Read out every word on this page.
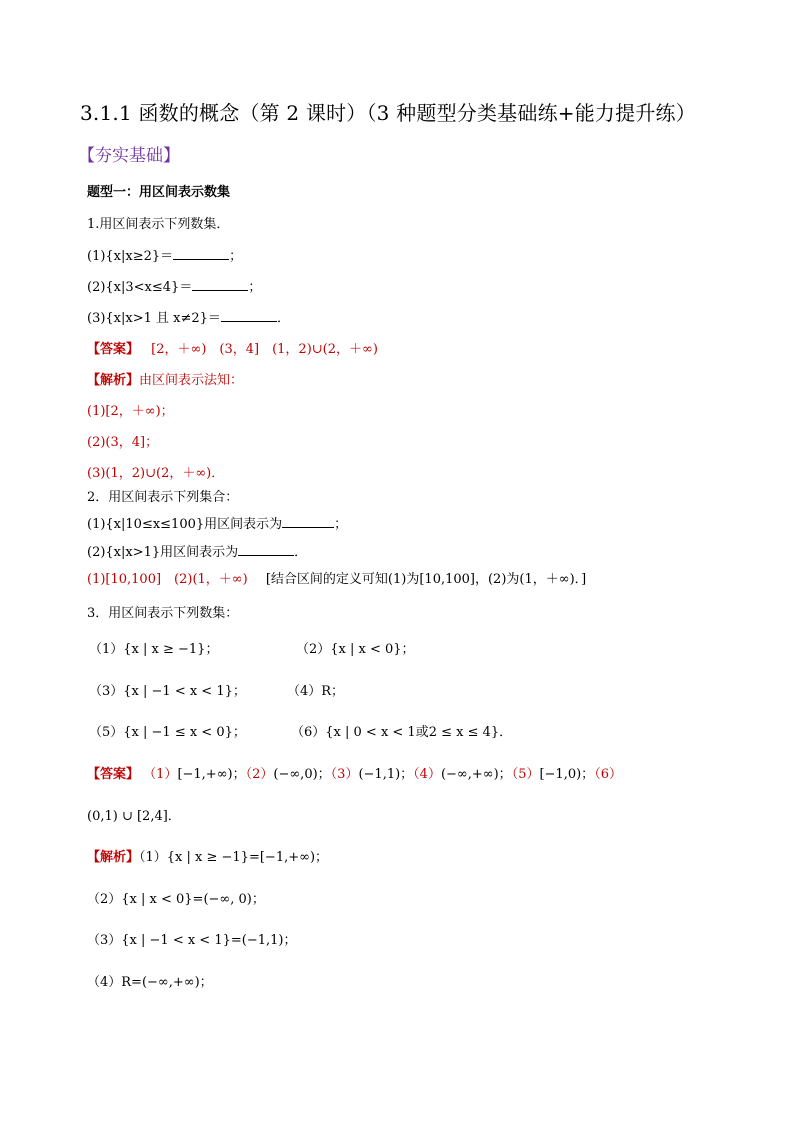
3.1.1 函数的概念（第 2 课时）（3 种题型分类基础练+能力提升练）
【夯实基础】
题型一：用区间表示数集
1.用区间表示下列数集．
(1){x|x≥2}＝	；
(2){x|3<x≤4}＝	；
(3){x|x>1 且 x≠2}＝	．
【答案】 [2，＋∞)　(3，4]　(1，2)∪(2，＋∞)
【解析】由区间表示法知：
(1)[2，＋∞)；
(2)(3，4]；
(3)(1，2)∪(2，＋∞)．
2．用区间表示下列集合：
(1){x|10≤x≤100}用区间表示为	；
(2){x|x>1}用区间表示为	．
(1)[10,100]　(2)(1，＋∞) [结合区间的定义可知(1)为[10,100]，(2)为(1，＋∞)．]
3．用区间表示下列数集：
（1）{x | x ≥ −1}；	（2）{x | x < 0}；
（3）{x | −1 < x < 1}；	（4）R；
（5）{x | −1 ≤ x < 0}；	（6）{x | 0 < x < 1或2 ≤ x ≤ 4}．
【答案】 （1）[−1,+∞)；（2）(−∞,0)；（3）(−1,1)；（4）(−∞,+∞)；（5）[−1,0)；（6）
(0,1) ∪ [2,4]．
【解析】（1）{x | x ≥ −1}=[−1,+∞)；
（2）{x | x < 0}=(−∞, 0)；
（3）{x | −1 < x < 1}=(−1,1)；
（4）R=(−∞,+∞)；
